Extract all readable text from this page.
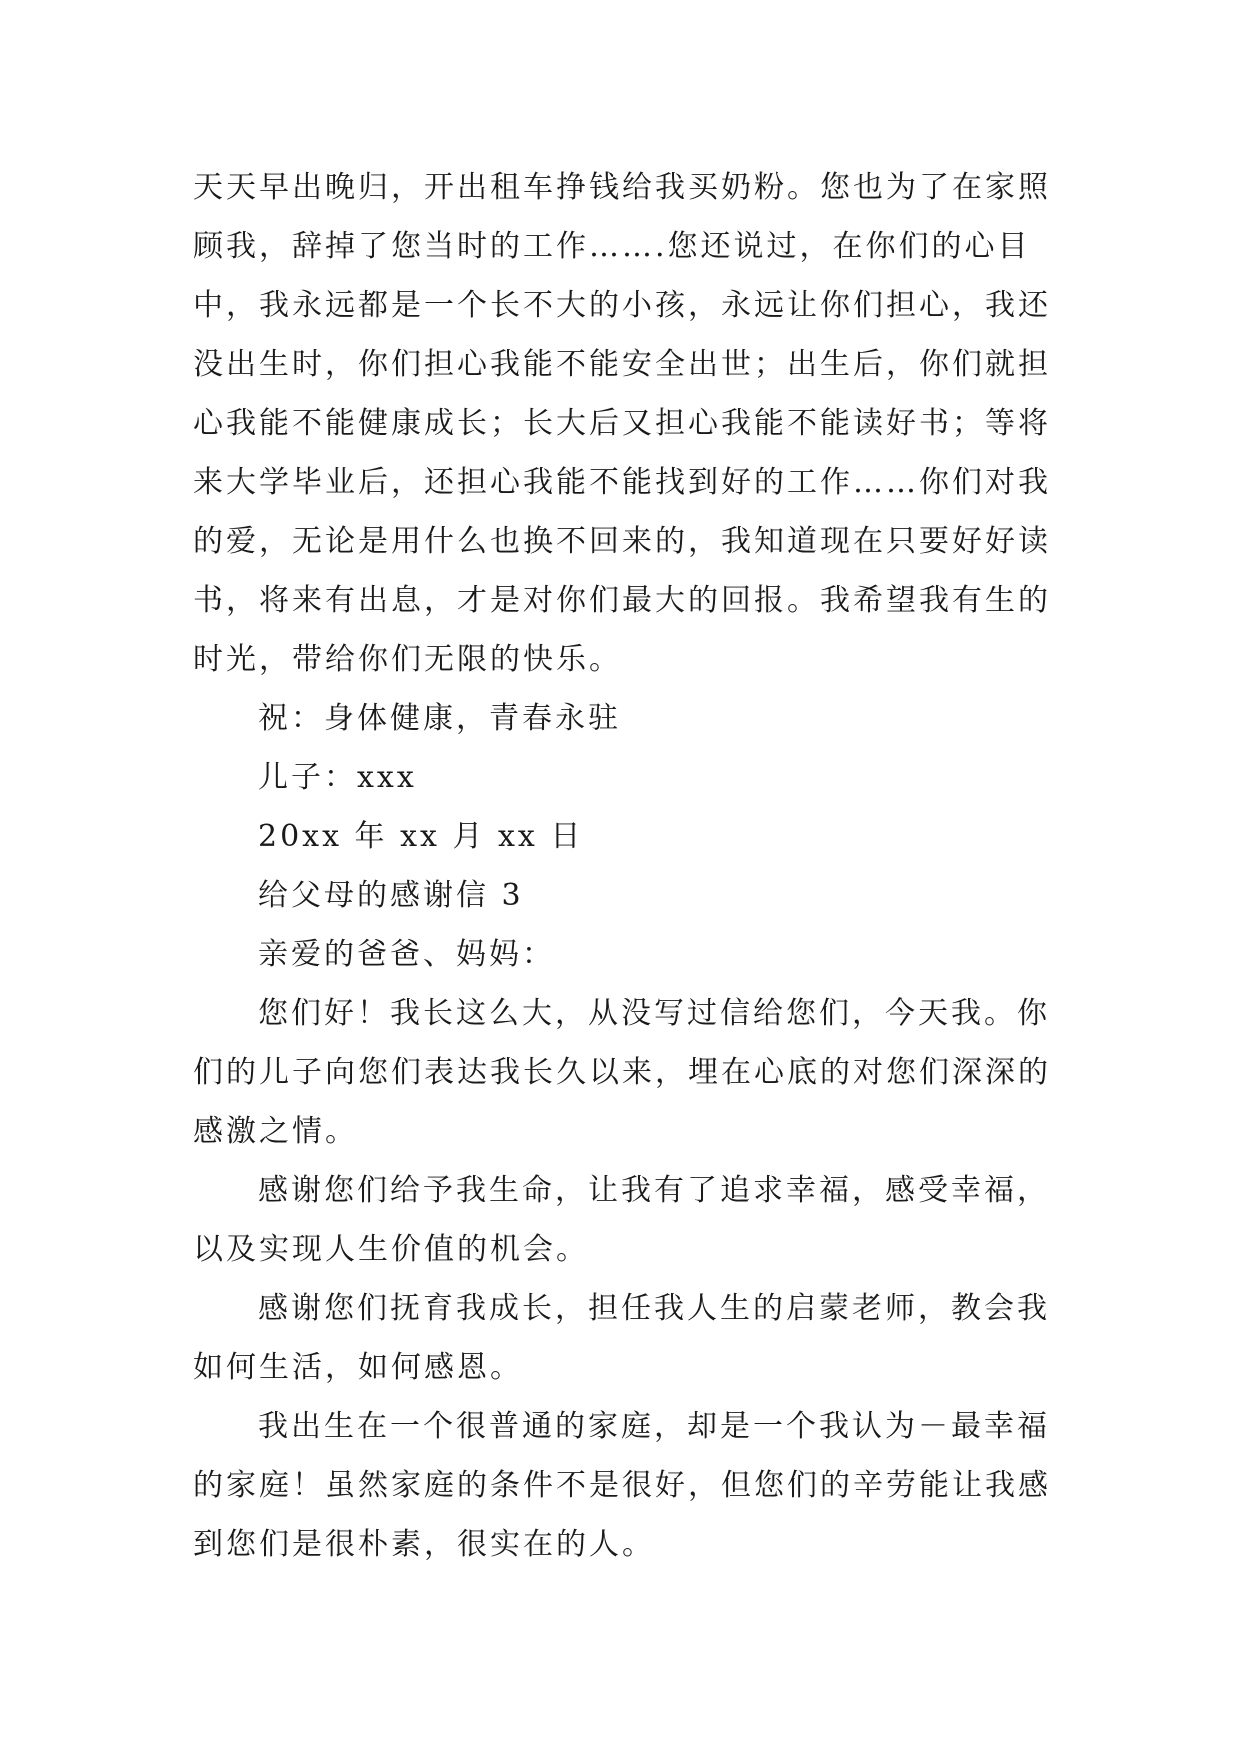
天天早出晚归，开出租车挣钱给我买奶粉。您也为了在家照
顾我，辞掉了您当时的工作…….您还说过，在你们的心目
中，我永远都是一个长不大的小孩，永远让你们担心，我还
没出生时，你们担心我能不能安全出世；出生后，你们就担
心我能不能健康成长；长大后又担心我能不能读好书；等将
来大学毕业后，还担心我能不能找到好的工作……你们对我
的爱，无论是用什么也换不回来的，我知道现在只要好好读
书，将来有出息，才是对你们最大的回报。我希望我有生的
时光，带给你们无限的快乐。
祝：身体健康，青春永驻
儿子：xxx
20xx 年 xx 月 xx 日
给父母的感谢信 3
亲爱的爸爸、妈妈：
您们好！我长这么大，从没写过信给您们，今天我。你
们的儿子向您们表达我长久以来，埋在心底的对您们深深的
感激之情。
感谢您们给予我生命，让我有了追求幸福，感受幸福，
以及实现人生价值的机会。
感谢您们抚育我成长，担任我人生的启蒙老师，教会我
如何生活，如何感恩。
我出生在一个很普通的家庭，却是一个我认为－最幸福
的家庭！虽然家庭的条件不是很好，但您们的辛劳能让我感
到您们是很朴素，很实在的人。
